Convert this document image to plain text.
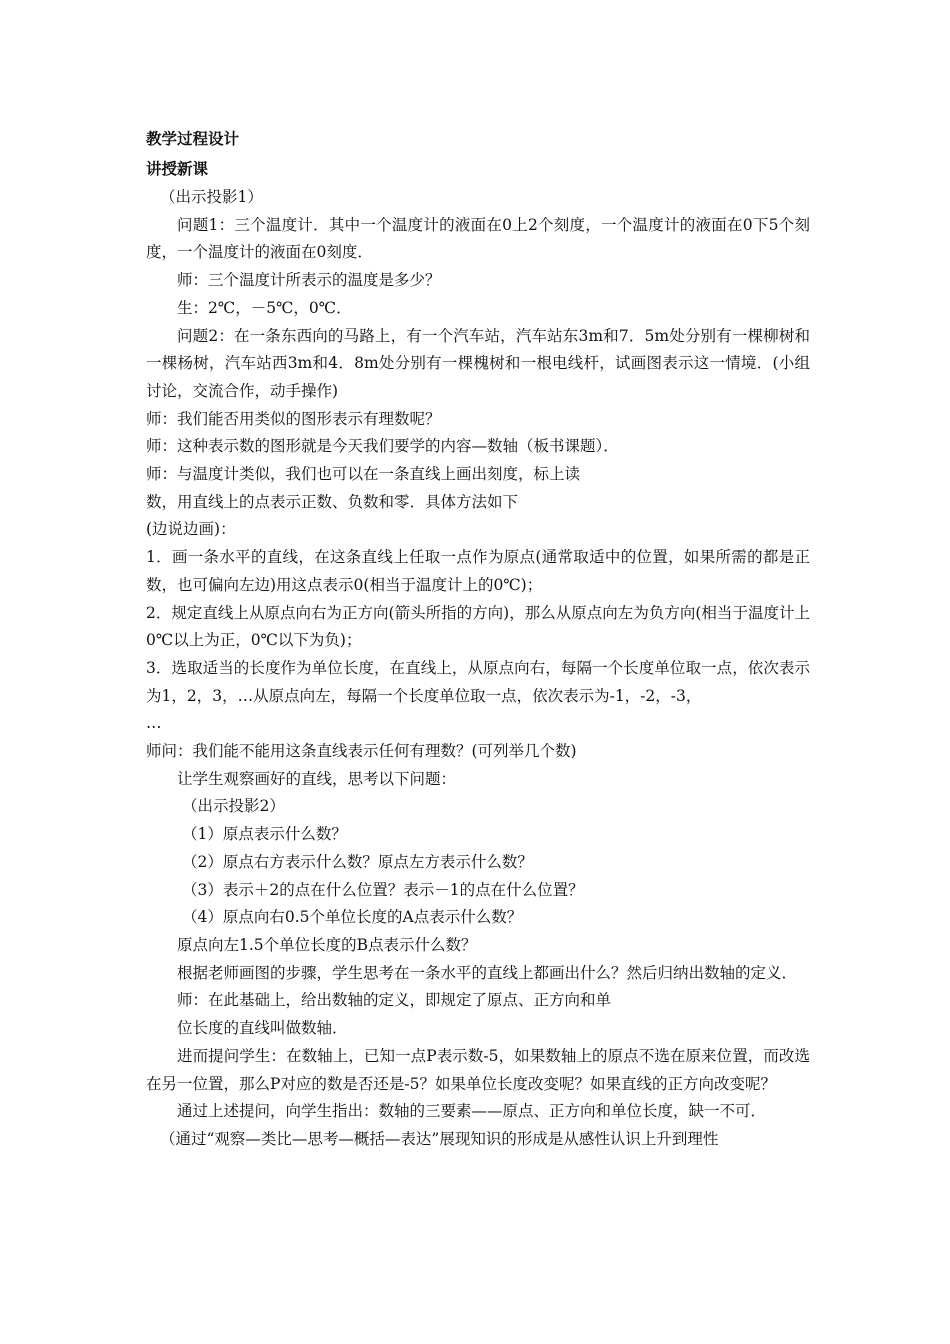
教学过程设计

讲授新课

（出示投影1）

问题1：三个温度计．其中一个温度计的液面在0上2个刻度，一个温度计的液面在0下5个刻度，一个温度计的液面在0刻度．

师：三个温度计所表示的温度是多少？

生：2℃，－5℃，0℃．

问题2：在一条东西向的马路上，有一个汽车站，汽车站东3m和7．5m处分别有一棵柳树和一棵杨树，汽车站西3m和4．8m处分别有一棵槐树和一根电线杆，试画图表示这一情境．(小组讨论，交流合作，动手操作)

师：我们能否用类似的图形表示有理数呢？

师：这种表示数的图形就是今天我们要学的内容—数轴（板书课题）．

师：与温度计类似，我们也可以在一条直线上画出刻度，标上读

数，用直线上的点表示正数、负数和零．具体方法如下

(边说边画)：

1．画一条水平的直线，在这条直线上任取一点作为原点(通常取适中的位置，如果所需的都是正数，也可偏向左边)用这点表示0(相当于温度计上的0℃)；

2．规定直线上从原点向右为正方向(箭头所指的方向)，那么从原点向左为负方向(相当于温度计上0℃以上为正，0℃以下为负)；

3．选取适当的长度作为单位长度，在直线上，从原点向右，每隔一个长度单位取一点，依次表示为1，2，3，…从原点向左，每隔一个长度单位取一点，依次表示为-1，-2，-3，

…

师问：我们能不能用这条直线表示任何有理数？(可列举几个数)

让学生观察画好的直线，思考以下问题：

（出示投影2）

（1）原点表示什么数？

（2）原点右方表示什么数？原点左方表示什么数？

（3）表示＋2的点在什么位置？表示－1的点在什么位置？

（4）原点向右0.5个单位长度的A点表示什么数？

原点向左1.5个单位长度的B点表示什么数？

根据老师画图的步骤，学生思考在一条水平的直线上都画出什么？然后归纳出数轴的定义．

师：在此基础上，给出数轴的定义，即规定了原点、正方向和单

位长度的直线叫做数轴．

进而提问学生：在数轴上，已知一点P表示数-5，如果数轴上的原点不选在原来位置，而改选在另一位置，那么P对应的数是否还是-5？如果单位长度改变呢？如果直线的正方向改变呢？

通过上述提问，向学生指出：数轴的三要素——原点、正方向和单位长度，缺一不可．

（通过“观察—类比—思考—概括—表达”展现知识的形成是从感性认识上升到理性
